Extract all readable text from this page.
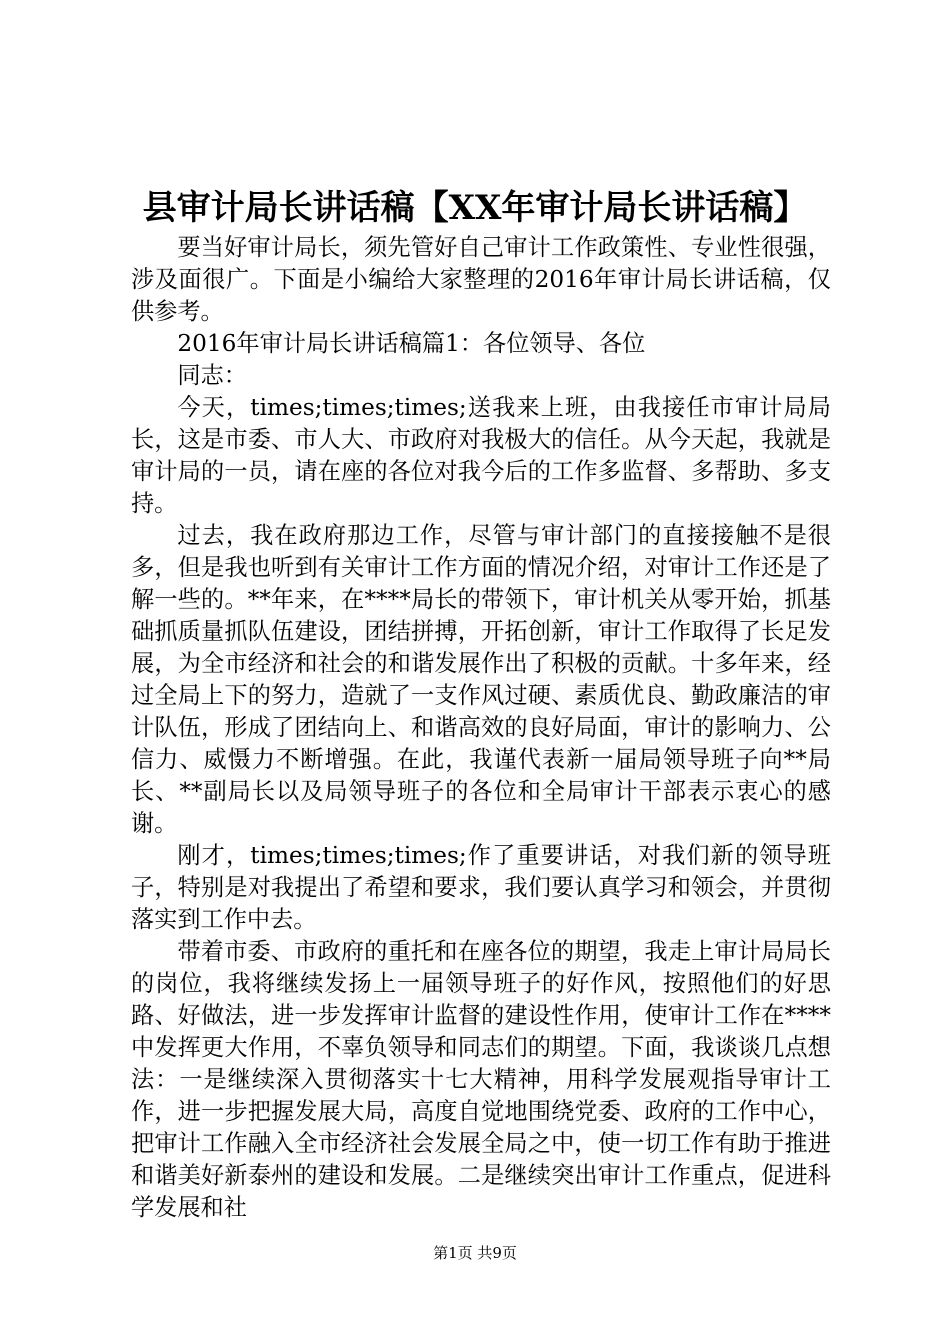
县审计局长讲话稿【XX年审计局长讲话稿】

要当好审计局长，须先管好自己审计工作政策性、专业性很强，涉及面很广。下面是小编给大家整理的2016年审计局长讲话稿，仅供参考。

2016年审计局长讲话稿篇1：各位领导、各位

同志：

今天，times;times;times;送我来上班，由我接任市审计局局长，这是市委、市人大、市政府对我极大的信任。从今天起，我就是审计局的一员，请在座的各位对我今后的工作多监督、多帮助、多支持。

过去，我在政府那边工作，尽管与审计部门的直接接触不是很多，但是我也听到有关审计工作方面的情况介绍，对审计工作还是了解一些的。**年来，在****局长的带领下，审计机关从零开始，抓基础抓质量抓队伍建设，团结拼搏，开拓创新，审计工作取得了长足发展，为全市经济和社会的和谐发展作出了积极的贡献。十多年来，经过全局上下的努力，造就了一支作风过硬、素质优良、勤政廉洁的审计队伍，形成了团结向上、和谐高效的良好局面，审计的影响力、公信力、威慑力不断增强。在此，我谨代表新一届局领导班子向**局长、**副局长以及局领导班子的各位和全局审计干部表示衷心的感谢。

刚才，times;times;times;作了重要讲话，对我们新的领导班子，特别是对我提出了希望和要求，我们要认真学习和领会，并贯彻落实到工作中去。

带着市委、市政府的重托和在座各位的期望，我走上审计局局长的岗位，我将继续发扬上一届领导班子的好作风，按照他们的好思路、好做法，进一步发挥审计监督的建设性作用，使审计工作在****中发挥更大作用，不辜负领导和同志们的期望。下面，我谈谈几点想法：一是继续深入贯彻落实十七大精神，用科学发展观指导审计工作，进一步把握发展大局，高度自觉地围绕党委、政府的工作中心，把审计工作融入全市经济社会发展全局之中，使一切工作有助于推进和谐美好新泰州的建设和发展。二是继续突出审计工作重点，促进科学发展和社

第1页 共9页
